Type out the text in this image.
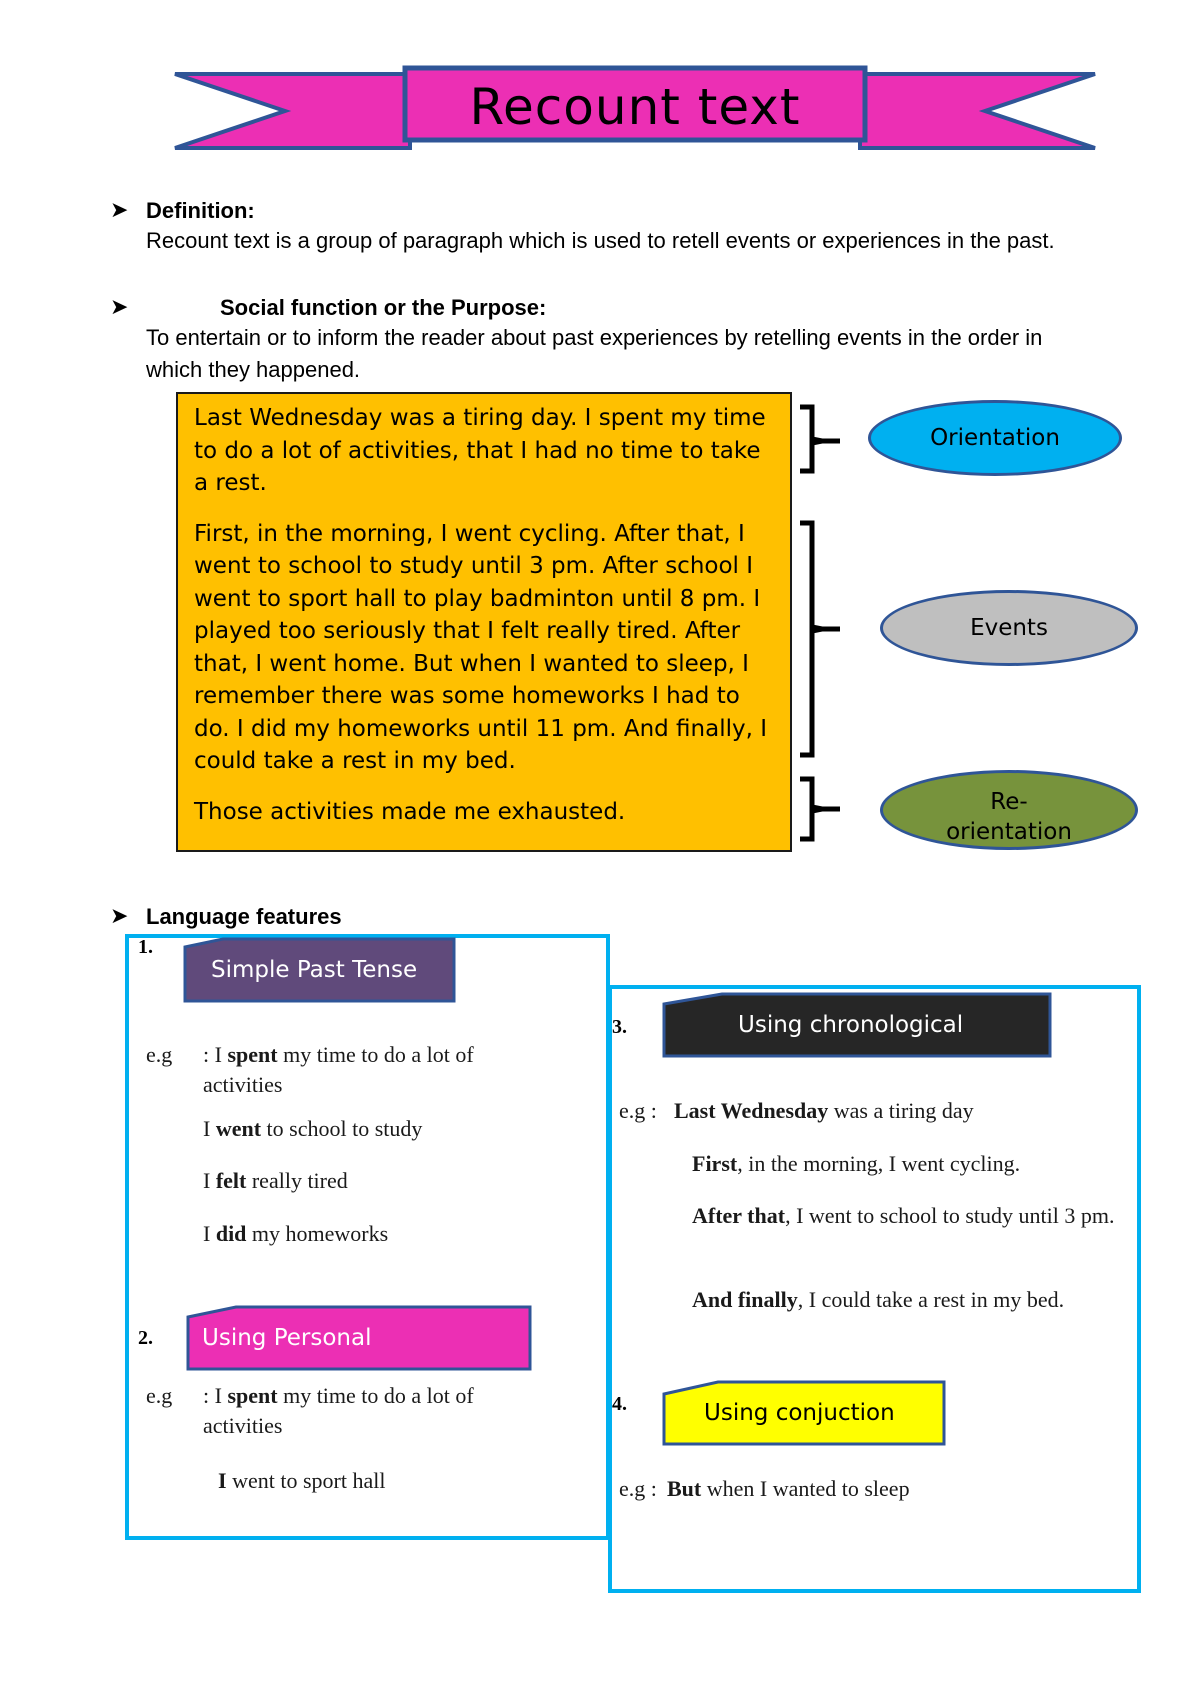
Recount text
➤ Definition:
Recount text is a group of paragraph which is used to retell events or experiences in the past.
➤	Social function or the Purpose:
To entertain or to inform the reader about past experiences by retelling events in the order in which they happened.

Last Wednesday was a tiring day. I spent my time to do a lot of activities, that I had no time to take a rest.

First, in the morning, I went cycling. After that, I went to school to study until 3 pm. After school I went to sport hall to play badminton until 8 pm. I played too seriously that I felt really tired. After that, I went home. But when I wanted to sleep, I remember there was some homeworks I had to do. I did my homeworks until 11 pm. And finally, I could take a rest in my bed.

Those activities made me exhausted.

Orientation
Events
Re-
orientation
➤ Language features
1.
Simple Past Tense
e.g : I spent my time to do a lot of activities
I went to school to study
I felt really tired
I did my homeworks
2. Using Personal
e.g : I spent my time to do a lot of activities
I went to sport hall
3.	Using chronological
e.g : Last Wednesday was a tiring day
First, in the morning, I went cycling.
After that, I went to school to study until 3 pm.
And finally, I could take a rest in my bed.
4.	Using conjuction
e.g : But when I wanted to sleep
